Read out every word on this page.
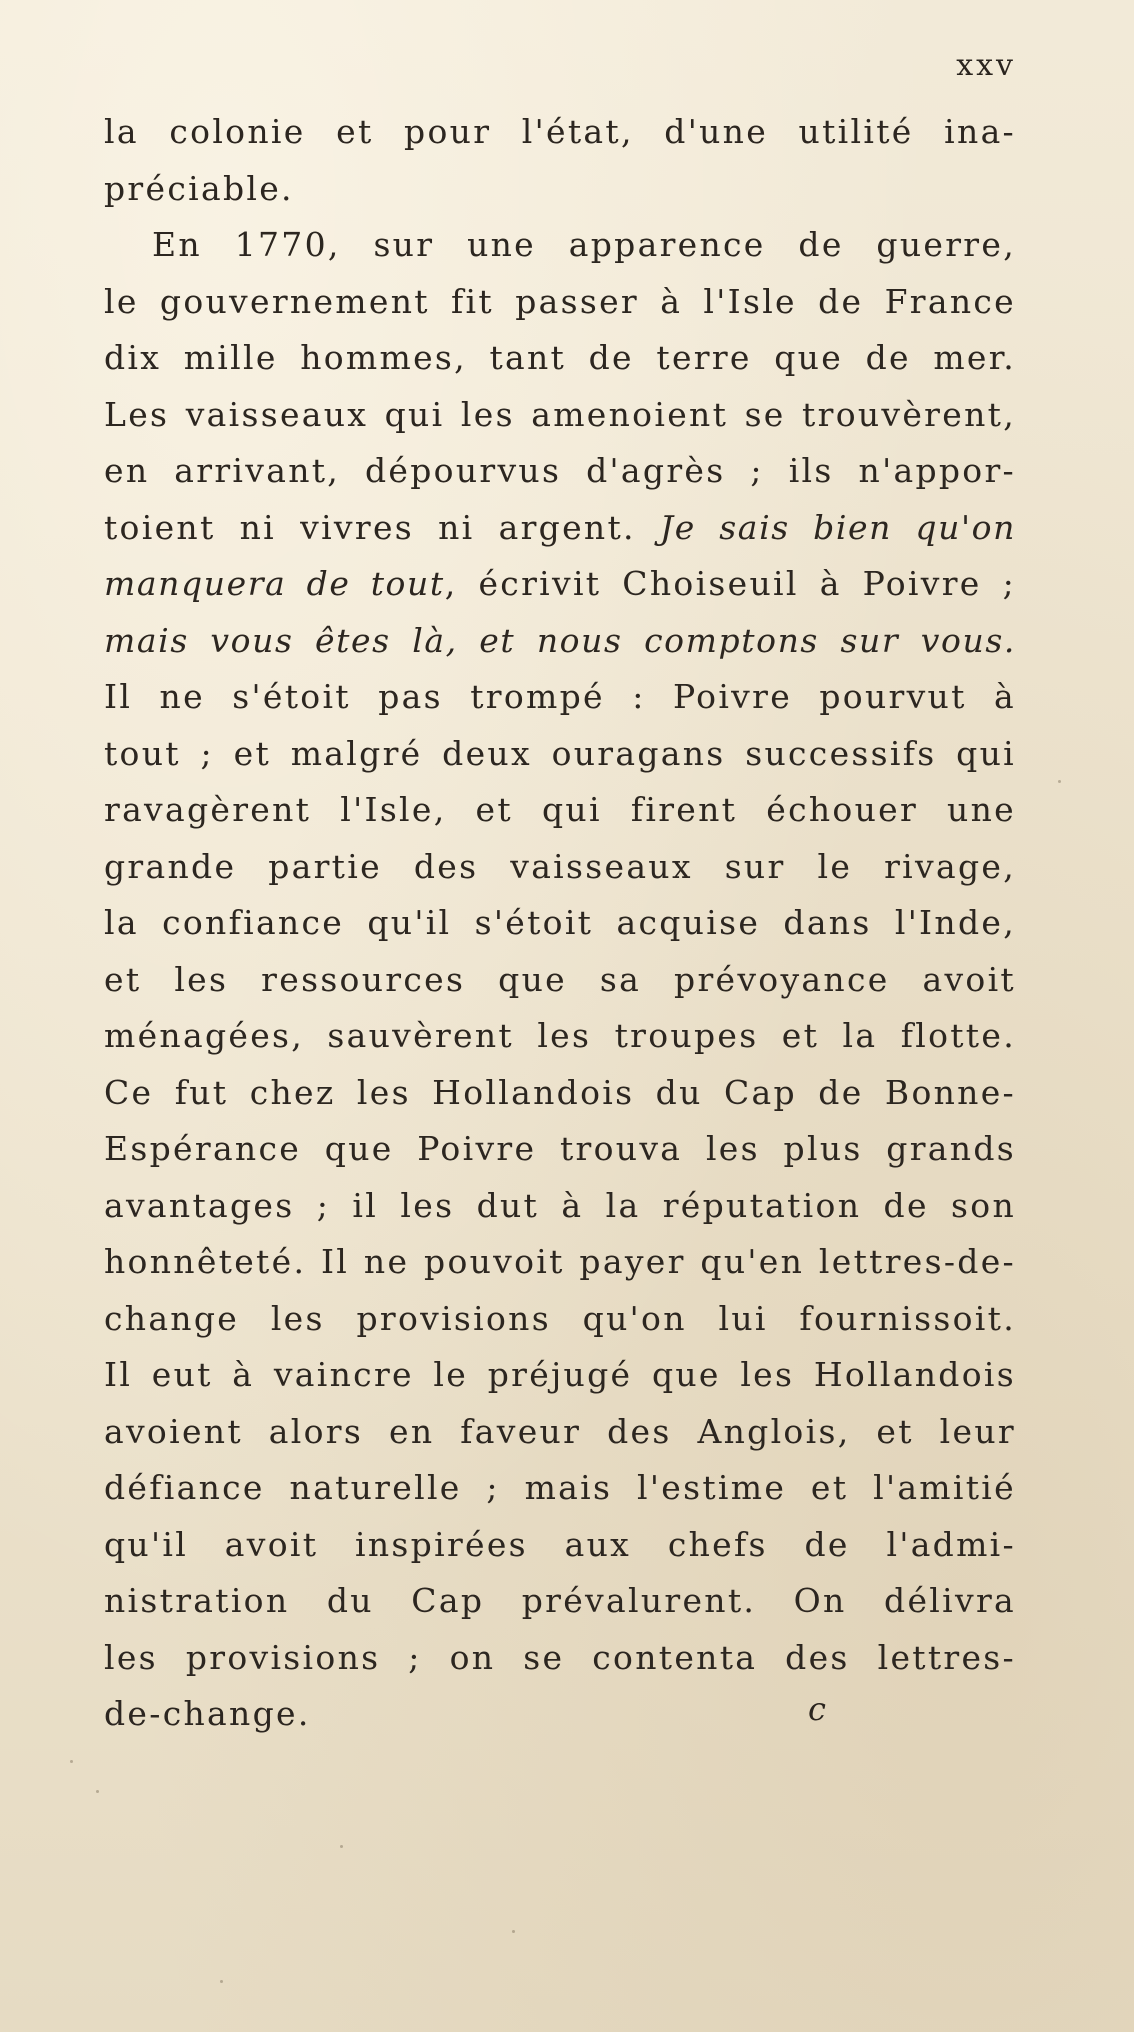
xxv
la colonie et pour l'état, d'une utilité ina-
préciable.
En 1770, sur une apparence de guerre,
le gouvernement fit passer à l'Isle de France
dix mille hommes, tant de terre que de mer.
Les vaisseaux qui les amenoient se trouvèrent,
en arrivant, dépourvus d'agrès ; ils n'appor-
toient ni vivres ni argent. Je sais bien qu'on
manquera de tout, écrivit Choiseuil à Poivre ;
mais vous êtes là, et nous comptons sur vous.
Il ne s'étoit pas trompé : Poivre pourvut à
tout ; et malgré deux ouragans successifs qui
ravagèrent l'Isle, et qui firent échouer une
grande partie des vaisseaux sur le rivage,
la confiance qu'il s'étoit acquise dans l'Inde,
et les ressources que sa prévoyance avoit
ménagées, sauvèrent les troupes et la flotte.
Ce fut chez les Hollandois du Cap de Bonne-
Espérance que Poivre trouva les plus grands
avantages ; il les dut à la réputation de son
honnêteté. Il ne pouvoit payer qu'en lettres-de-
change les provisions qu'on lui fournissoit.
Il eut à vaincre le préjugé que les Hollandois
avoient alors en faveur des Anglois, et leur
défiance naturelle ; mais l'estime et l'amitié
qu'il avoit inspirées aux chefs de l'admi-
nistration du Cap prévalurent. On délivra
les provisions ; on se contenta des lettres-
de-change.	c
